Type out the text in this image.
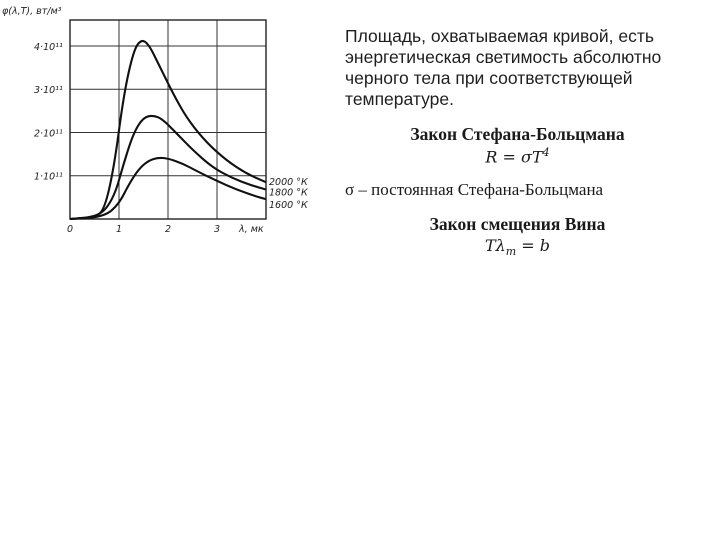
2000 °К
1800 °К
1600 °К
0	1	2	3 λ, мк
1·10¹¹
2·10¹¹
3·10¹¹
4·10¹¹
φ(λ,T), вт/м³

Площадь, охватываемая кривой, есть энергетическая светимость абсолютно черного тела при соответствующей температуре.

Закон Стефана-Больцмана

$R = \sigma T^4$

σ – постоянная Стефана-Больцмана

Закон смещения Вина

$T\lambda_m = b$
